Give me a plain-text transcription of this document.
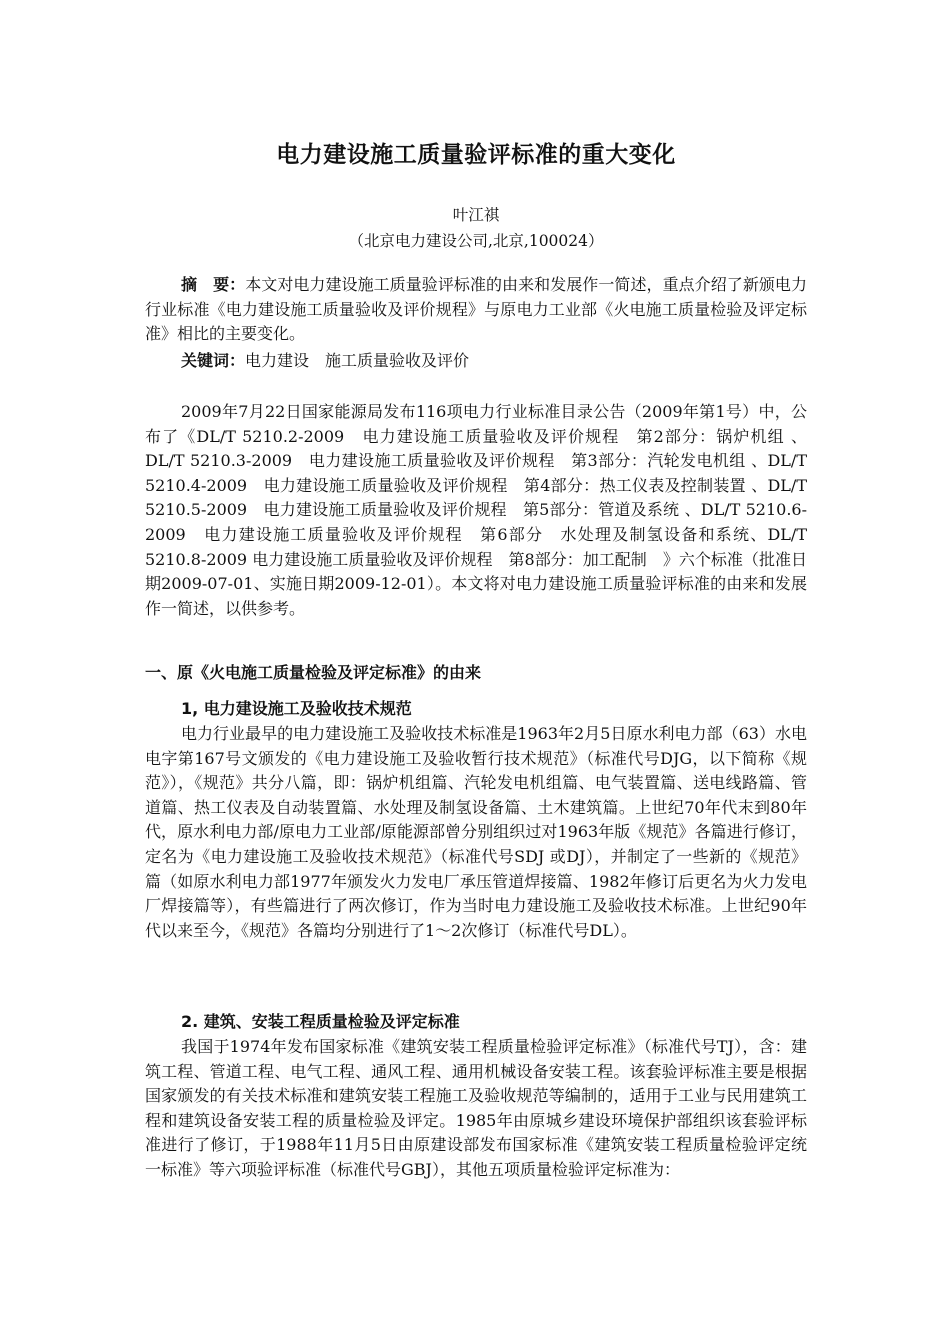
电力建设施工质量验评标准的重大变化
叶江祺
（北京电力建设公司,北京,100024）
摘　要：本文对电力建设施工质量验评标准的由来和发展作一简述，重点介绍了新颁电力行业标准《电力建设施工质量验收及评价规程》与原电力工业部《火电施工质量检验及评定标准》相比的主要变化。
关键词：电力建设　施工质量验收及评价
2009年7月22日国家能源局发布116项电力行业标准目录公告（2009年第1号）中，公布了《DL/T 5210.2-2009　电力建设施工质量验收及评价规程　第2部分：锅炉机组 、DL/T 5210.3-2009　电力建设施工质量验收及评价规程　第3部分：汽轮发电机组 、DL/T 5210.4-2009　电力建设施工质量验收及评价规程　第4部分：热工仪表及控制装置 、DL/T 5210.5-2009　电力建设施工质量验收及评价规程　第5部分：管道及系统 、DL/T 5210.6-2009　电力建设施工质量验收及评价规程　第6部分　水处理及制氢设备和系统、DL/T 5210.8-2009 电力建设施工质量验收及评价规程　第8部分：加工配制　》六个标准（批准日期2009-07-01、实施日期2009-12-01）。本文将对电力建设施工质量验评标准的由来和发展作一简述，以供参考。
一、原《火电施工质量检验及评定标准》的由来
1, 电力建设施工及验收技术规范
电力行业最早的电力建设施工及验收技术标准是1963年2月5日原水利电力部（63）水电电字第167号文颁发的《电力建设施工及验收暂行技术规范》（标准代号DJG，以下简称《规范》），《规范》共分八篇，即：锅炉机组篇、汽轮发电机组篇、电气装置篇、送电线路篇、管道篇、热工仪表及自动装置篇、水处理及制氢设备篇、土木建筑篇。上世纪70年代末到80年代，原水利电力部/原电力工业部/原能源部曾分别组织过对1963年版《规范》各篇进行修订，定名为《电力建设施工及验收技术规范》（标准代号SDJ 或DJ），并制定了一些新的《规范》篇（如原水利电力部1977年颁发火力发电厂承压管道焊接篇、1982年修订后更名为火力发电厂焊接篇等），有些篇进行了两次修订，作为当时电力建设施工及验收技术标准。上世纪90年代以来至今，《规范》各篇均分别进行了1～2次修订（标准代号DL）。
2. 建筑、安装工程质量检验及评定标准
我国于1974年发布国家标准《建筑安装工程质量检验评定标准》（标准代号TJ），含：建筑工程、管道工程、电气工程、通风工程、通用机械设备安装工程。该套验评标准主要是根据国家颁发的有关技术标准和建筑安装工程施工及验收规范等编制的，适用于工业与民用建筑工程和建筑设备安装工程的质量检验及评定。1985年由原城乡建设环境保护部组织该套验评标准进行了修订，于1988年11月5日由原建设部发布国家标准《建筑安装工程质量检验评定统一标准》等六项验评标准（标准代号GBJ），其他五项质量检验评定标准为：
